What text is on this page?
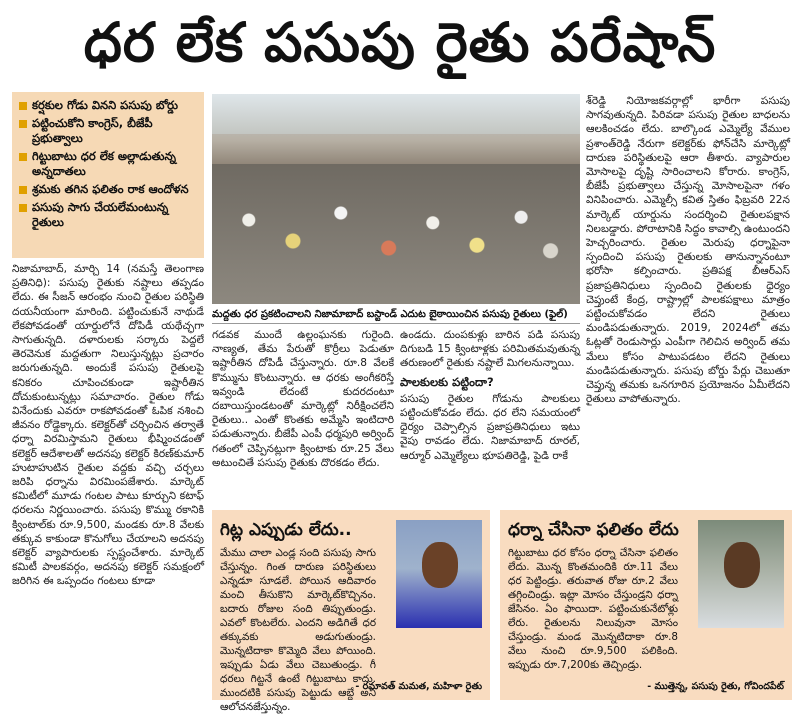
ధర లేక పసుపు రైతు పరేషాన్
కర్షకుల గోడు వినని పసుపు బోర్డు
పట్టించుకోని కాంగ్రెస్, బీజేపీ ప్రభుత్వాలు
గిట్టుబాటు ధర లేక అల్లాడుతున్న అన్నదాతలు
శ్రమకు తగిన ఫలితం రాక ఆందోళన
పసుపు సాగు చేయలేమంటున్న రైతులు

నిజామాబాద్, మార్చి 14 (నమస్తే తెలంగాణ ప్రతినిధి): పసుపు రైతుకు నష్టాలు తప్పడం లేదు. ఈ సీజన్ ఆరంభం నుంచి రైతుల పరిస్థితి దయనీయంగా మారింది. పట్టించుకునే నాథుడే లేకపోవడంతో యార్డులోనే దోపిడీ యథేచ్ఛగా సాగుతున్నది. దళారులకు సర్కారు పెద్దలే తెరవెనుక మద్దతుగా నిలుస్తున్నట్లు ప్రచారం జరుగుతున్నది. అందుకే పసుపు రైతులపై కనికరం చూపించకుండా ఇష్టారీతిన దోచుకుంటున్నట్లు సమాచారం. రైతుల గోడు వినేందుకు ఎవరూ రాకపోవడంతో ఓపిక నశించి జీవనం రోడ్డెక్కారు. కలెక్టర్‌తో చర్చించిన తర్వాతే ధర్నా విరమిస్తామని రైతులు భీష్మించడంతో కలెక్టర్ ఆదేశాలతో అదనపు కలెక్టర్ కిరణ్‌కుమార్ హుటాహుటిన రైతుల వద్దకు వచ్చి చర్చలు జరిపి ధర్నాను విరమింపజేశారు. మార్కెట్ కమిటీలో మూడు గంటల పాటు కూర్చుని కటాఫ్ ధరలను నిర్ణయించారు. పసుపు కొమ్ము రకానికి క్వింటాల్‌కు రూ.9,500, మండకు రూ.8 వేలకు తక్కువ కాకుండా కొనుగోలు చేయాలని అదనపు కలెక్టర్ వ్యాపారులకు స్పష్టంచేశారు. మార్కెట్ కమిటీ పాలకవర్గం, అదనపు కలెక్టర్ సమక్షంలో జరిగిన ఈ ఒప్పందం గంటలు కూడా

మద్దతు ధర ప్రకటించాలని నిజామాబాద్ బస్టాండ్ ఎదుట బైఠాయించిన పసుపు రైతులు (ఫైల్)

గడవక ముందే ఉల్లంఘనకు గురైంది. నాణ్యత, తేమ పేరుతో కొర్రీలు పెడుతూ ఇష్టారీతిన దోపిడీ చేస్తున్నారు. రూ.8 వేలకే కొమ్మును కొంటున్నారు. ఆ ధరకు అంగీకరిస్తే ఇవ్వండి లేదంటే కుదరదంటూ దబాయిస్తుండటంతో మార్కెట్లో నిరీక్షించలేని రైతులు.. ఎంతో కొంతకు అమ్మేసి ఇంటిదారి పడుతున్నారు. బీజేపీ ఎంపీ ధర్మపురి అర్వింద్ గతంలో చెప్పినట్లుగా క్వింటాకు రూ.25 వేలు అటుంచితే పసుపు రైతుకు దొరకడం లేదు.

ఉండదు. దుంపకుళ్లు బారిన పడి పసుపు దిగుబడి 15 క్వింటాళ్లకు పరిమితమవుతున్న తరుణంలో రైతుకు నష్టాలే మిగలనున్నాయి.

పాలకులకు పట్టిందా?

పసుపు రైతుల గోడును పాలకులు పట్టించుకోవడం లేదు. ధర లేని సమయంలో ధైర్యం చెప్పాల్సిన ప్రజాప్రతినిధులు ఇటు వైపు రావడం లేదు. నిజామాబాద్ రూరల్, ఆర్మూర్ ఎమ్మెల్యేలు భూపతిరెడ్డి, పైడి రాకే

శ్‌రెడ్డి నియోజకవర్గాల్లో భారీగా పసుపు సాగవుతున్నది. పిరివడా పసుపు రైతుల బాధలను ఆలకించడం లేదు. బాల్కొండ ఎమ్మెల్యే వేముల ప్రశాంత్‌రెడ్డి నేరుగా కలెక్టర్‌కు ఫోన్‌చేసి మార్కెట్లో దారుణ పరిస్థితులపై ఆరా తీశారు. వ్యాపారుల మోసాలపై దృష్టి సారించాలని కోరారు. కాంగ్రెస్, బీజేపీ ప్రభుత్వాలు చేస్తున్న మోసాలపైనా గళం వినిపించారు. ఎమ్మెల్సీ కవిత స్తితం ఫిబ్రవరి 22న మార్కెట్ యార్డును సందర్శించి రైతులపక్షాన నిలబడ్డారు. పోరాటానికి సిద్ధం కావాల్సి ఉంటుందని హెచ్చరించారు. రైతుల మెరుపు ధర్నాపైనా స్పందించి పసుపు రైతులకు తానున్నానంటూ భరోసా కల్పించారు. ప్రతిపక్ష బీఆర్‌ఎస్ ప్రజాప్రతినిధులు స్పందించి రైతులకు ధైర్యం చెప్తుంటే కేంద్ర, రాష్ట్రాల్లో పాలకపక్షాలు మాత్రం పట్టించుకోవడం లేదని రైతులు మండిపడుతున్నారు. 2019, 2024లో తమ ఓట్లతో రెండుసార్లు ఎంపీగా గెలిచిన అర్వింద్ తమ మేలు కోసం పాటుపడటం లేదని రైతులు మండిపడుతున్నారు. పసుపు బోర్డు పేర్లు చెబుతూ చెప్తున్న తమకు ఒనగూరిన ప్రయోజనం ఏమీలేదని రైతులు వాపోతున్నారు.

గిట్ల ఎప్పుడు లేదు..

మేము చాలా ఎండ్ల సంది పసుపు సాగు చేస్తున్నం. గింత దారుణ పరిస్థితులు ఎన్నడూ సూడలే. పోయిన ఆదివారం మంచి తీసుకొని మార్కెట్‌కొచ్చినం. బదారు రోజుల సంది తిప్పుతుండ్రు. ఎవలో కొంటలేరు. ఎందని అడిగితే ధర తక్కువకు అడుగుతుండ్రు. మొన్నటిదాకా కొమ్మెది వేలు పోయింది. ఇప్పుడు ఏడు వేలు చెబుతుండ్రు. గీ ధరలు గిట్టనే ఉంటే గిట్టుబాటు కాదు. ముందటికి పసుపు పెట్టుడు ఆబ్దే అని ఆలోచనజేస్తున్నం.

- రమావత్ మమత, మహిళా రైతు
ధర్నా చేసినా ఫలితం లేదు

గిట్టుబాటు ధర కోసం ధర్నా చేసినా ఫలితం లేదు. మొన్న కొంతమందికి రూ.11 వేలు ధర పెట్టిండ్రు. తరువాత రోజు రూ.2 వేలు తగ్గించిండ్రు. ఇట్లా మోసం చేస్తుండ్రని ధర్నా జేసినం. ఏం ఫాయిదా. పట్టించుకునేటోళ్లు లేరు. రైతులను నిలువునా మోసం చేస్తుండ్రు. మండ మొన్నటిదాకా రూ.8 వేలు నుంచి రూ.9,500 పలికింది. ఇప్పుడు రూ.7,200కు తెచ్చిండ్రు.

- ముత్తెన్న, పసుపు రైతు, గోవిందపేట్
